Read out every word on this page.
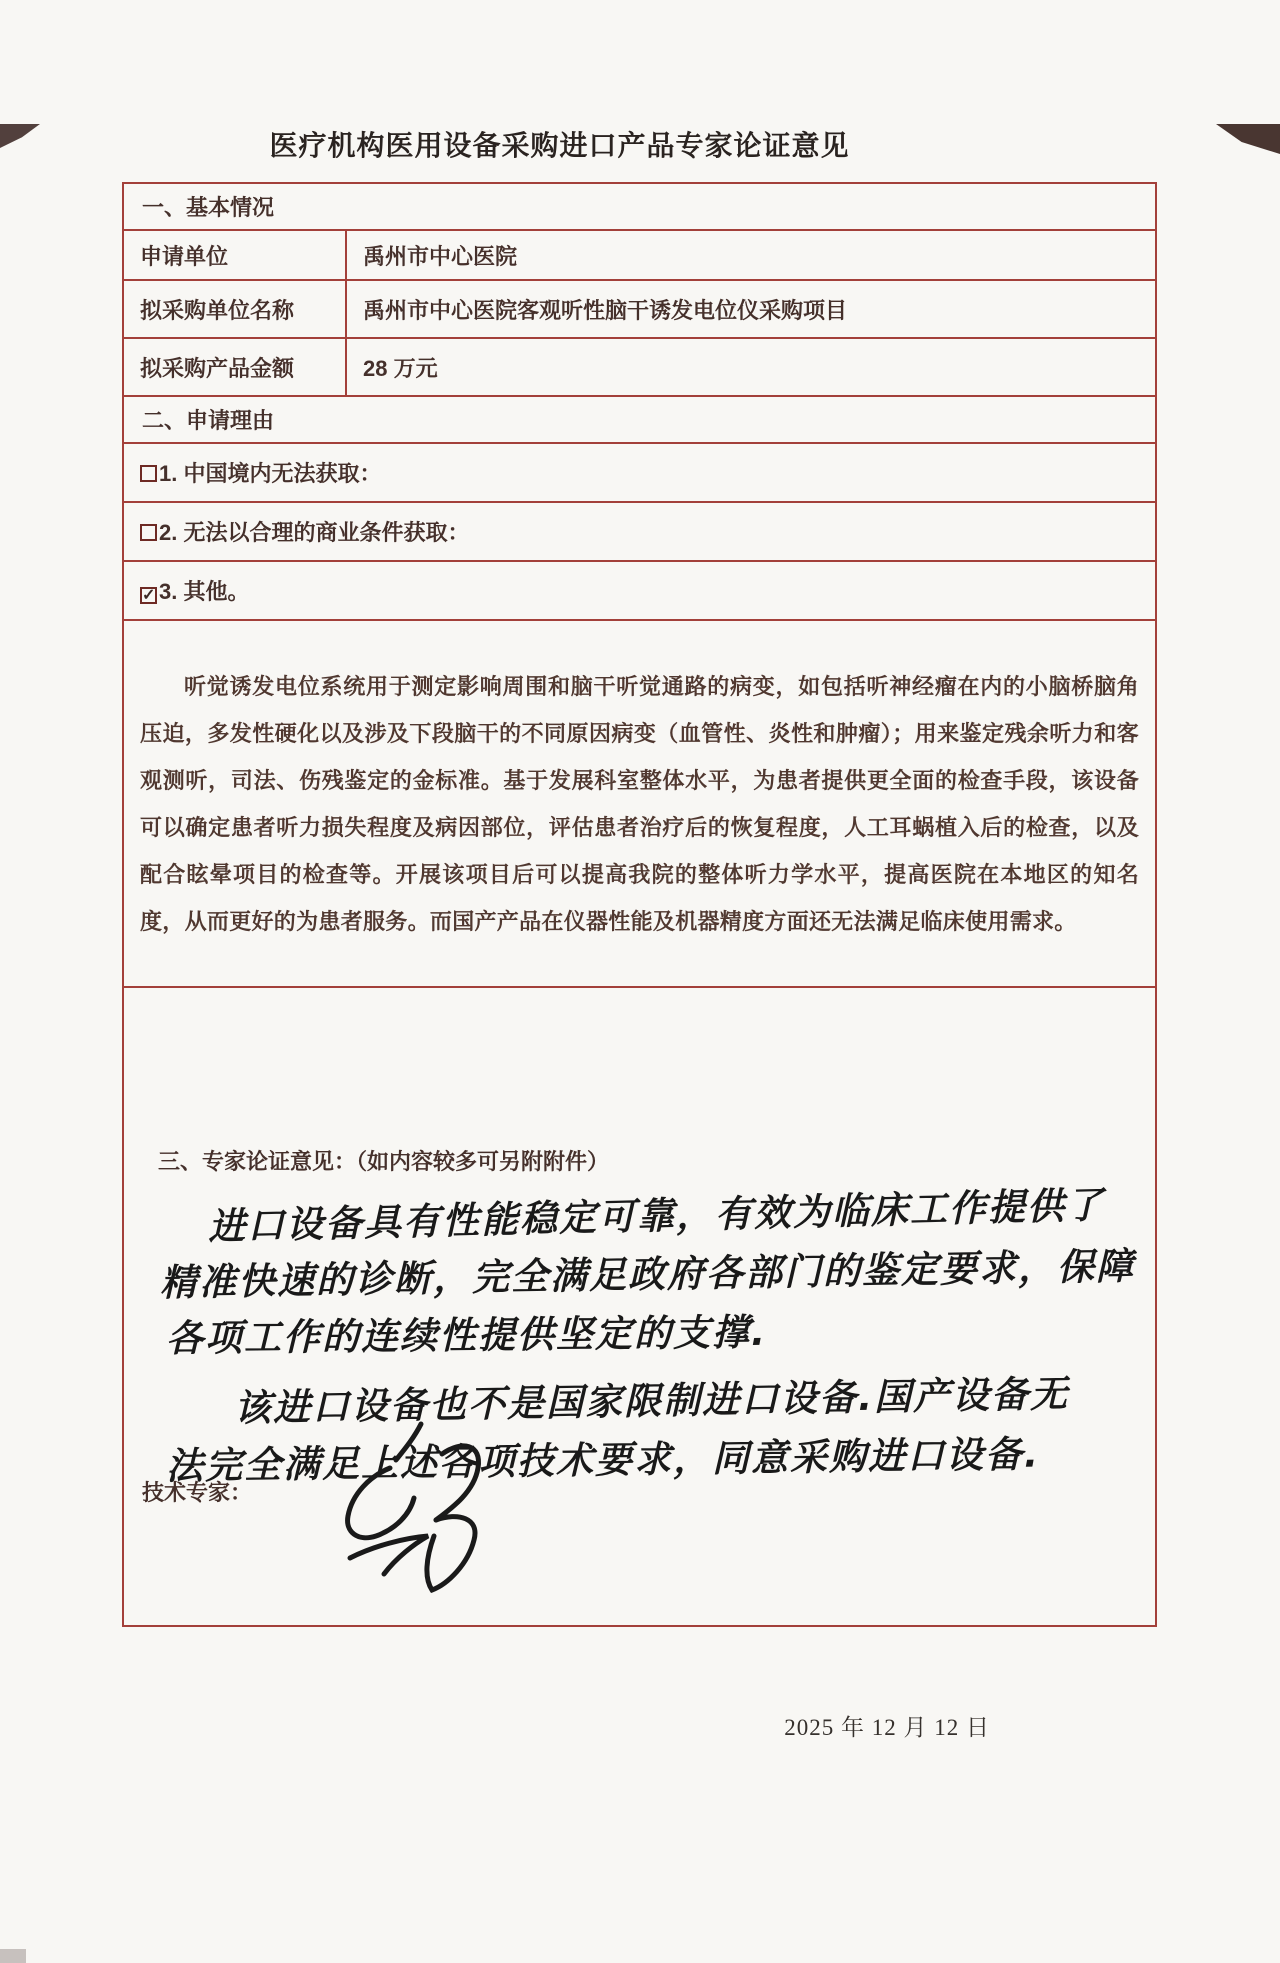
医疗机构医用设备采购进口产品专家论证意见
一、基本情况	
申请单位	禹州市中心医院
拟采购单位名称	禹州市中心医院客观听性脑干诱发电位仪采购项目
拟采购产品金额	28 万元
二、申请理由	
1. 中国境内无法获取：	
2. 无法以合理的商业条件获取：	
✓ 3. 其他。	

听觉诱发电位系统用于测定影响周围和脑干听觉通路的病变，如包括听神经瘤在内的小脑桥脑角压迫，多发性硬化以及涉及下段脑干的不同原因病变（血管性、炎性和肿瘤）；用来鉴定残余听力和客观测听，司法、伤残鉴定的金标准。基于发展科室整体水平，为患者提供更全面的检查手段，该设备可以确定患者听力损失程度及病因部位，评估患者治疗后的恢复程度，人工耳蜗植入后的检查，以及配合眩晕项目的检查等。开展该项目后可以提高我院的整体听力学水平，提高医院在本地区的知名度，从而更好的为患者服务。而国产产品在仪器性能及机器精度方面还无法满足临床使用需求。	

三、专家论证意见：（如内容较多可另附附件）
进口设备具有性能稳定可靠，有效为临床工作提供了
精准快速的诊断，完全满足政府各部门的鉴定要求，保障
各项工作的连续性提供坚定的支撑.
该进口设备也不是国家限制进口设备.国产设备无
法完全满足上述各项技术要求，同意采购进口设备.
技术专家：
2025 年 12 月 12 日
